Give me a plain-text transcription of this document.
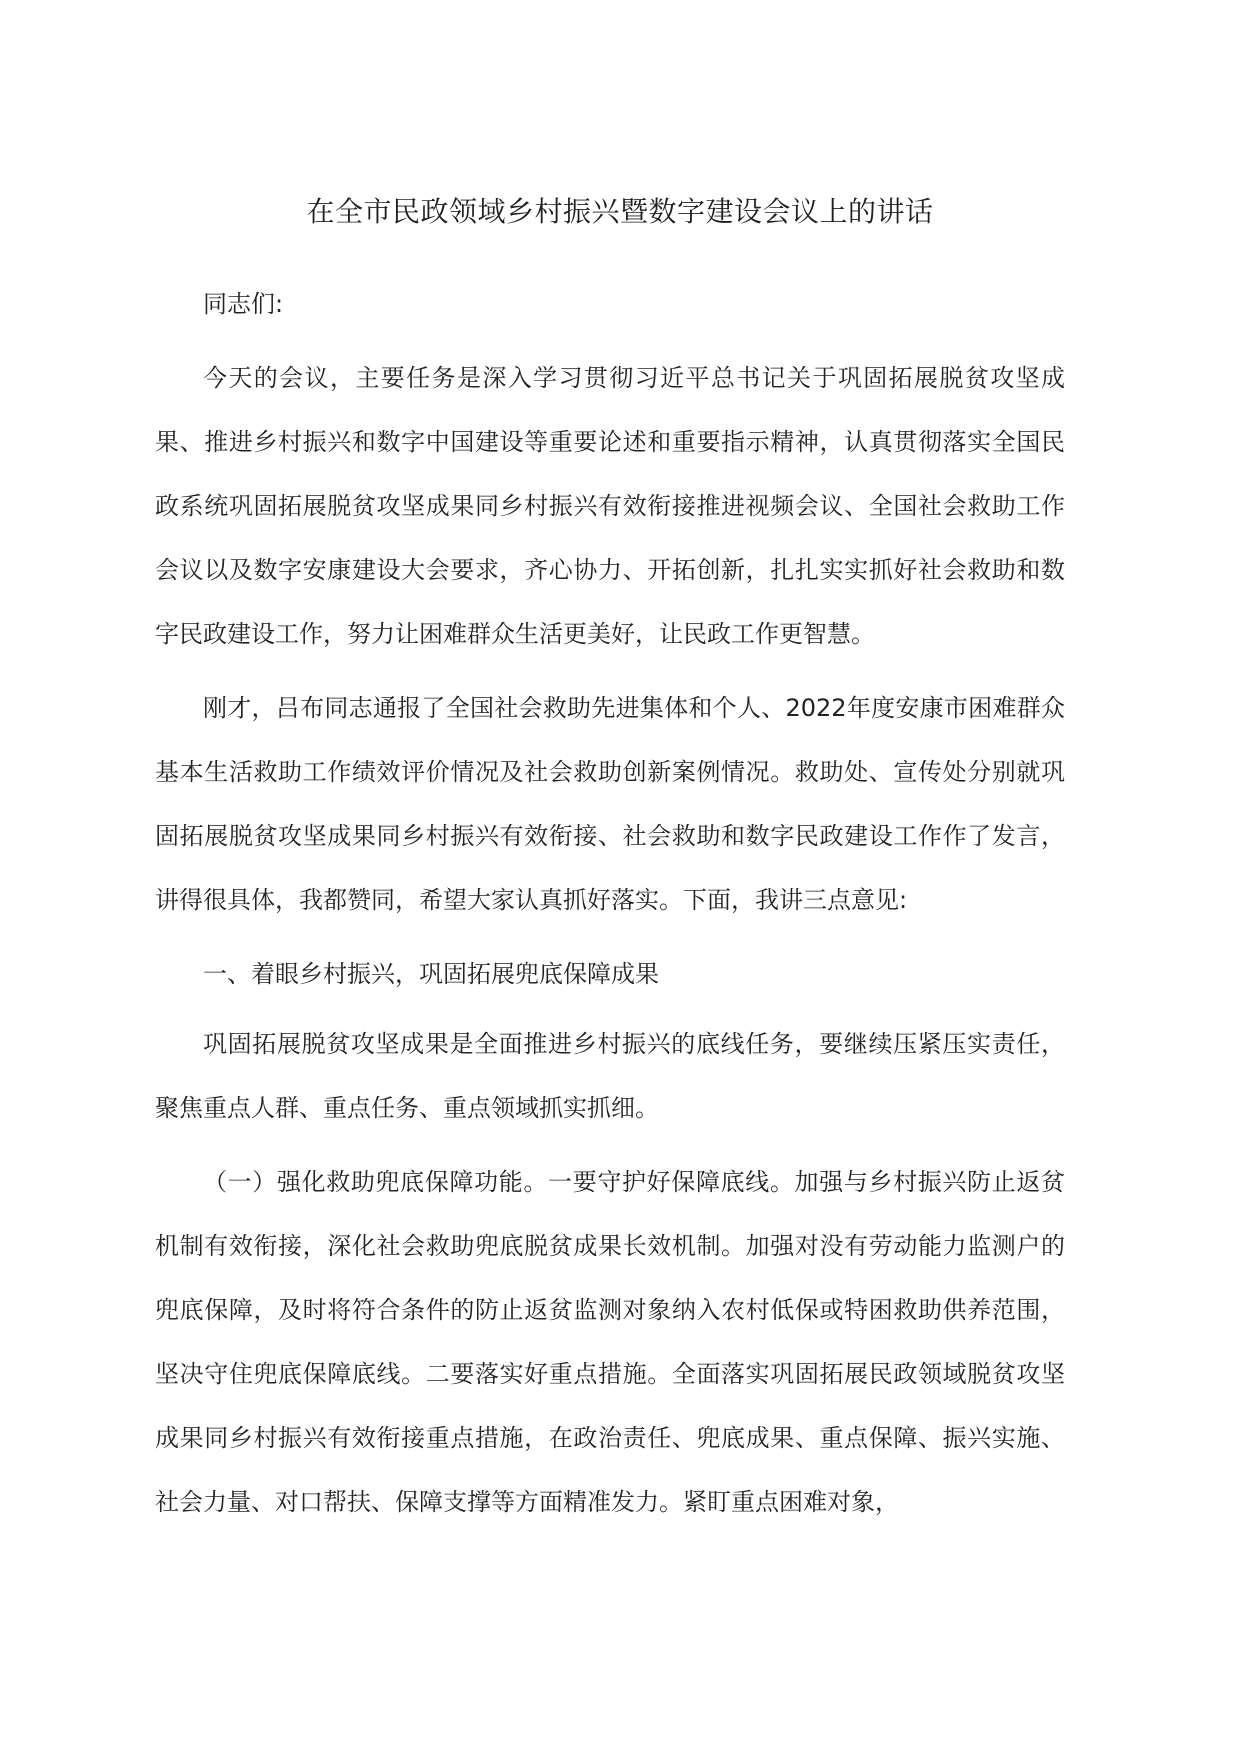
在全市民政领域乡村振兴暨数字建设会议上的讲话

同志们:

今天的会议，主要任务是深入学习贯彻习近平总书记关于巩固拓展脱贫攻坚成果、推进乡村振兴和数字中国建设等重要论述和重要指示精神，认真贯彻落实全国民政系统巩固拓展脱贫攻坚成果同乡村振兴有效衔接推进视频会议、全国社会救助工作会议以及数字安康建设大会要求，齐心协力、开拓创新，扎扎实实抓好社会救助和数字民政建设工作，努力让困难群众生活更美好，让民政工作更智慧。

刚才，吕布同志通报了全国社会救助先进集体和个人、2022年度安康市困难群众基本生活救助工作绩效评价情况及社会救助创新案例情况。救助处、宣传处分别就巩固拓展脱贫攻坚成果同乡村振兴有效衔接、社会救助和数字民政建设工作作了发言，讲得很具体，我都赞同，希望大家认真抓好落实。下面，我讲三点意见:

一、着眼乡村振兴，巩固拓展兜底保障成果

巩固拓展脱贫攻坚成果是全面推进乡村振兴的底线任务，要继续压紧压实责任，聚焦重点人群、重点任务、重点领域抓实抓细。

（一）强化救助兜底保障功能。一要守护好保障底线。加强与乡村振兴防止返贫机制有效衔接，深化社会救助兜底脱贫成果长效机制。加强对没有劳动能力监测户的兜底保障，及时将符合条件的防止返贫监测对象纳入农村低保或特困救助供养范围，坚决守住兜底保障底线。二要落实好重点措施。全面落实巩固拓展民政领域脱贫攻坚成果同乡村振兴有效衔接重点措施，在政治责任、兜底成果、重点保障、振兴实施、社会力量、对口帮扶、保障支撑等方面精准发力。紧盯重点困难对象，
